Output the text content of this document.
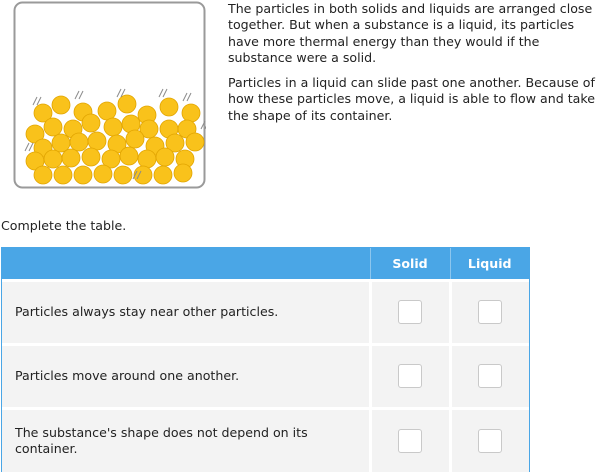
The particles in both solids and liquids are arranged close together. But when a substance is a liquid, its particles have more thermal energy than they would if the substance were a solid.

Particles in a liquid can slide past one another. Because of how these particles move, a liquid is able to flow and take the shape of its container.

Complete the table.
	Solid	Liquid
Particles always stay near other particles.		
Particles move around one another.		
The substance's shape does not depend on its container.		
